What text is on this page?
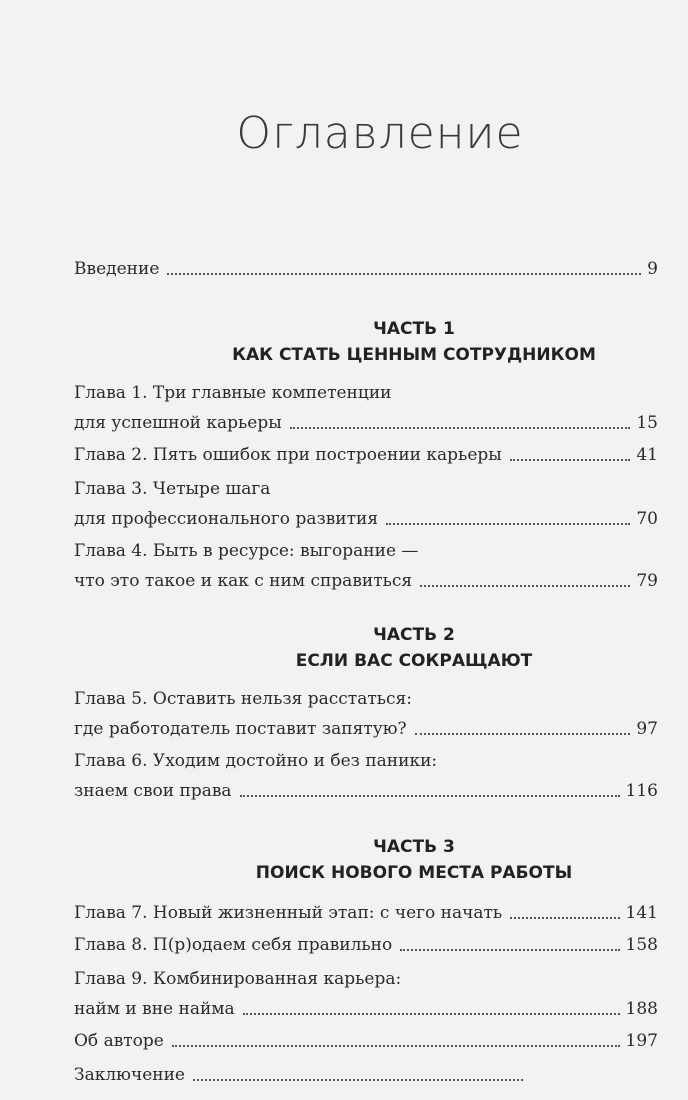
Оглавление
Введение	9
ЧАСТЬ 1
КАК СТАТЬ ЦЕННЫМ СОТРУДНИКОМ
Глава 1. Три главные компетенции
для успешной карьеры	15
Глава 2. Пять ошибок при построении карьеры	41
Глава 3. Четыре шага
для профессионального развития	70
Глава 4. Быть в ресурсе: выгорание —
что это такое и как с ним справиться	79
ЧАСТЬ 2
ЕСЛИ ВАС СОКРАЩАЮТ
Глава 5. Оставить нельзя расстаться:
где работодатель поставит запятую?	97
Глава 6. Уходим достойно и без паники:
знаем свои права	116
ЧАСТЬ 3
ПОИСК НОВОГО МЕСТА РАБОТЫ
Глава 7. Новый жизненный этап: с чего начать	141
Глава 8. П(р)одаем себя правильно	158
Глава 9. Комбинированная карьера:
найм и вне найма	188
Об авторе	197
Заключение
